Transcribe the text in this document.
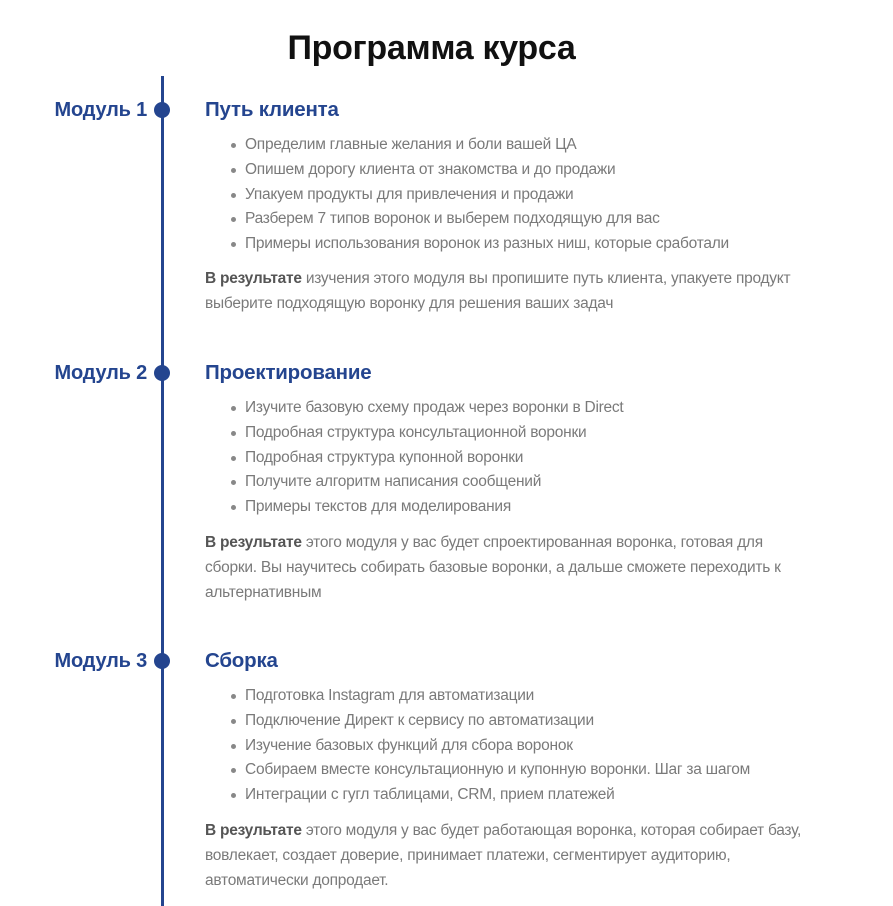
Программа курса
Модуль 1	Путь клиента
Определим главные желания и боли вашей ЦА
Опишем дорогу клиента от знакомства и до продажи
Упакуем продукты для привлечения и продажи
Разберем 7 типов воронок и выберем подходящую для вас
Примеры использования воронок из разных ниш, которые сработали

В результате изучения этого модуля вы пропишите путь клиента, упакуете продукт выберите подходящую воронку для решения ваших задач

Модуль 2	Проектирование
Изучите базовую схему продаж через воронки в Direct
Подробная структура консультационной воронки
Подробная структура купонной воронки
Получите алгоритм написания сообщений
Примеры текстов для моделирования

В результате этого модуля у вас будет спроектированная воронка, готовая для сборки. Вы научитесь собирать базовые воронки, а дальше сможете переходить к альтернативным

Модуль 3	Сборка
Подготовка Instagram для автоматизации
Подключение Директ к сервису по автоматизации
Изучение базовых функций для сбора воронок
Собираем вместе консультационную и купонную воронки. Шаг за шагом
Интеграции с гугл таблицами, CRM, прием платежей

В результате этого модуля у вас будет работающая воронка, которая собирает базу, вовлекает, создает доверие, принимает платежи, сегментирует аудиторию, автоматически допродает.
